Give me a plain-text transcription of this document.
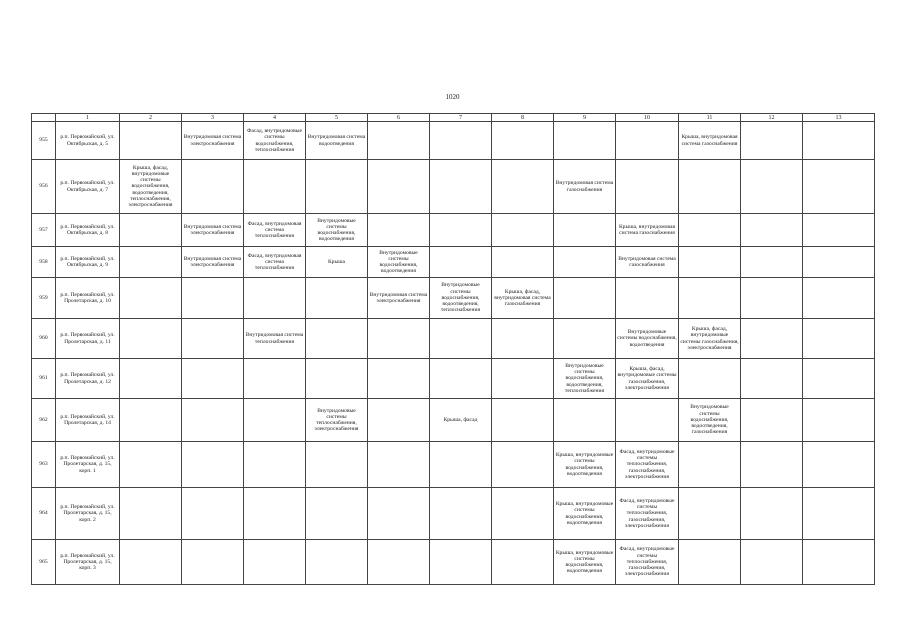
1020
	1	2	3	4	5	6	7	8	9	10	11	12	13
955	р.п. Первомайский, ул. Октябрьская, д. 5		Внутридомовая система электроснабжения	Фасад, внутридомовые системы водоснабжения, теплоснабжения	Внутридомовая система водоотведения						Крыша, внутридомовая система газоснабжения		
956	р.п. Первомайский, ул. Октябрьская, д. 7	Крыша, фасад, внутридомовые системы водоснабжения, водоотведения, теплоснабжения, электроснабжения							Внутридомовая система газоснабжения				
957	р.п. Первомайский, ул. Октябрьская, д. 8		Внутридомовая система электроснабжения	Фасад, внутридомовая система теплоснабжения	Внутридомовые системы водоснабжения, водоотведения					Крыша, внутридомовая система газоснабжения			
958	р.п. Первомайский, ул. Октябрьская, д. 9		Внутридомовая система электроснабжения	Фасад, внутридомовая система теплоснабжения	Крыша	Внутридомовые системы водоснабжения, водоотведения				Внутридомовая система газоснабжения			
959	р.п. Первомайский, ул. Пролетарская, д. 10					Внутридомовая система электроснабжения	Внутридомовые системы водоснабжения, водоотведения, теплоснабжения	Крыша, фасад, внутридомовая система газоснабжения					
960	р.п. Первомайский, ул. Пролетарская, д. 11			Внутридомовая система теплоснабжения						Внутридомовые системы водоснабжения, водоотведения	Крыша, фасад, внутридомовые системы газоснабжения, электроснабжения		
961	р.п. Первомайский, ул. Пролетарская, д. 12								Внутридомовые системы водоснабжения, водоотведения, теплоснабжения	Крыша, фасад, внутридомовые системы газоснабжения, электроснабжения			
962	р.п. Первомайский, ул. Пролетарская, д. 14				Внутридомовые системы теплоснабжения, электроснабжения		Крыша, фасад				Внутридомовые системы водоснабжения, водоотведения, газоснабжения		
963	р.п. Первомайский, ул. Пролетарская, д. 15, корп. 1								Крыша, внутридомовые системы водоснабжения, водоотведения	Фасад, внутридомовые системы теплоснабжения, газоснабжения, электроснабжения			
964	р.п. Первомайский, ул. Пролетарская, д. 15, корп. 2								Крыша, внутридомовые системы водоснабжения, водоотведения	Фасад, внутридомовые системы теплоснабжения, газоснабжения, электроснабжения			
965	р.п. Первомайский, ул. Пролетарская, д. 15, корп. 3								Крыша, внутридомовые системы водоснабжения, водоотведения	Фасад, внутридомовые системы теплоснабжения, газоснабжения, электроснабжения			
